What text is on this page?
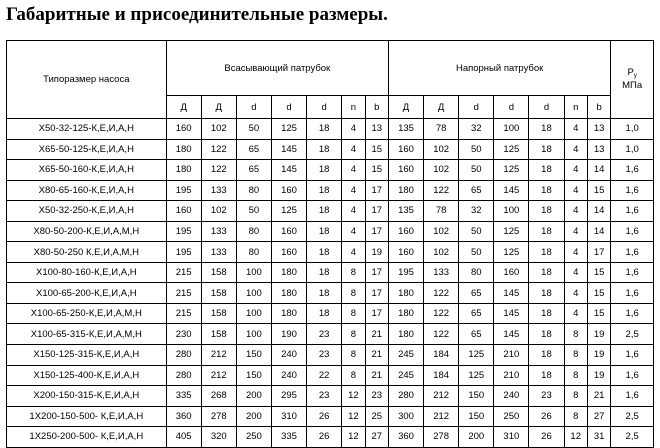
Габаритные и присоединительные размеры.
Типоразмер насоса	Всасывающий патрубок							Напорный патрубок							$P_у$
МПа

	Д	Д	d	d	d	n	b	Д	Д	d	d	d	n	b	
Х50-32-125-К,Е,И,А,Н	160	102	50	125	18	4	13	135	78	32	100	18	4	13	1,0
Х65-50-125-К,Е,И,А,Н	180	122	65	145	18	4	15	160	102	50	125	18	4	13	1,0
Х65-50-160-К,Е,И,А,Н	180	122	65	145	18	4	15	160	102	50	125	18	4	14	1,6
Х80-65-160-К,Е,И,А,Н	195	133	80	160	18	4	17	180	122	65	145	18	4	15	1,6
Х50-32-250-К,Е,И,А,Н	160	102	50	125	18	4	17	135	78	32	100	18	4	14	1,6
Х80-50-200-К,Е,И,А,М,Н	195	133	80	160	18	4	17	160	102	50	125	18	4	14	1,6
Х80-50-250 К,Е,И,А,М,Н	195	133	80	160	18	4	19	160	102	50	125	18	4	17	1,6
Х100-80-160-К,Е,И,А,Н	215	158	100	180	18	8	17	195	133	80	160	18	4	15	1,6
Х100-65-200-К,Е,И,А,Н	215	158	100	180	18	8	17	180	122	65	145	18	4	15	1,6
Х100-65-250-К,Е,И,А,М,Н	215	158	100	180	18	8	17	180	122	65	145	18	4	15	1,6
Х100-65-315-К,Е,И,А,М,Н	230	158	100	190	23	8	21	180	122	65	145	18	8	19	2,5
Х150-125-315-К,Е,И,А,Н	280	212	150	240	23	8	21	245	184	125	210	18	8	19	1,6
Х150-125-400-К,Е,И,А,Н	280	212	150	240	22	8	21	245	184	125	210	18	8	19	1,6
Х200-150-315-К,Е,И,А,Н	335	268	200	295	23	12	23	280	212	150	240	23	8	21	1,6
1Х200-150-500- К,Е,И,А,Н	360	278	200	310	26	12	25	300	212	150	250	26	8	27	2,5
1Х250-200-500- К,Е,И,А,Н	405	320	250	335	26	12	27	360	278	200	310	26	12	31	2,5
